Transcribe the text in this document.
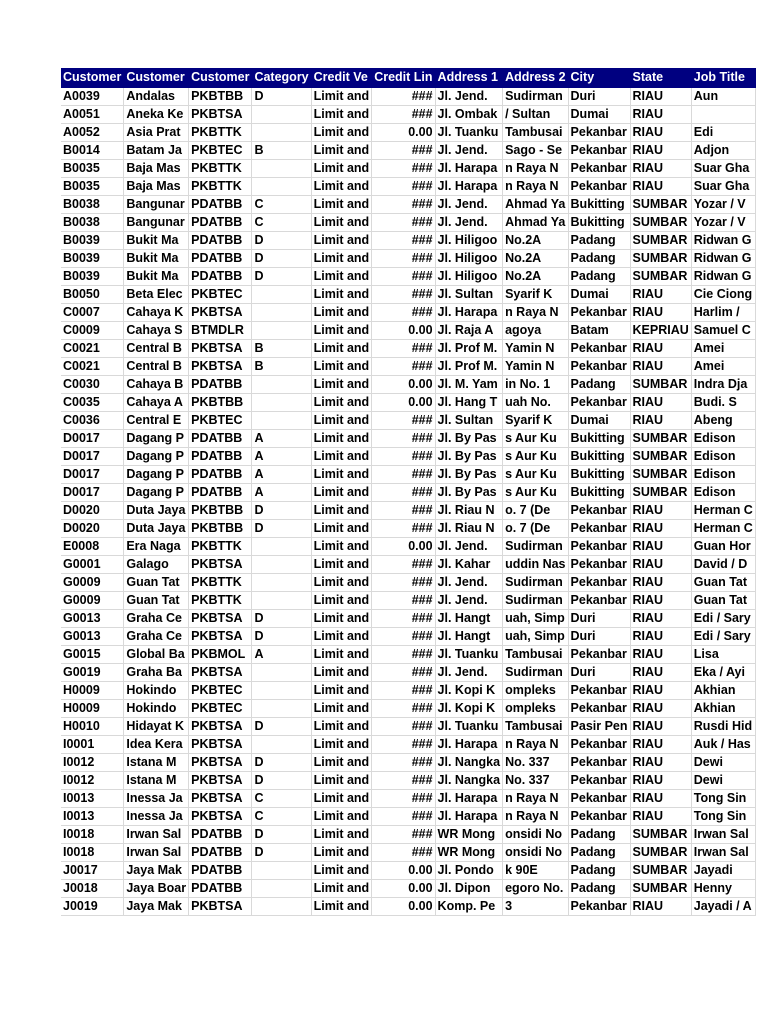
Customer	Customer	Customer	Category	Credit Ve	Credit Lin	Address 1	Address 2	City	State	Job Title
A0039	Andalas	PKBTBB	D	Limit and	###	Jl. Jend.	Sudirman	Duri	RIAU	Aun
A0051	Aneka Ke	PKBTSA		Limit and	###	Jl. Ombak	/ Sultan	Dumai	RIAU	
A0052	Asia Prat	PKBTTK		Limit and	0.00	Jl. Tuanku	Tambusai	Pekanbar	RIAU	Edi
B0014	Batam Ja	PKBTEC	B	Limit and	###	Jl. Jend.	Sago - Se	Pekanbar	RIAU	Adjon
B0035	Baja Mas	PKBTTK		Limit and	###	Jl. Harapa	n Raya N	Pekanbar	RIAU	Suar Gha
B0035	Baja Mas	PKBTTK		Limit and	###	Jl. Harapa	n Raya N	Pekanbar	RIAU	Suar Gha
B0038	Bangunar	PDATBB	C	Limit and	###	Jl. Jend.	Ahmad Ya	Bukitting	SUMBAR	Yozar / V
B0038	Bangunar	PDATBB	C	Limit and	###	Jl. Jend.	Ahmad Ya	Bukitting	SUMBAR	Yozar / V
B0039	Bukit Ma	PDATBB	D	Limit and	###	Jl. Hiligoo	No.2A	Padang	SUMBAR	Ridwan G
B0039	Bukit Ma	PDATBB	D	Limit and	###	Jl. Hiligoo	No.2A	Padang	SUMBAR	Ridwan G
B0039	Bukit Ma	PDATBB	D	Limit and	###	Jl. Hiligoo	No.2A	Padang	SUMBAR	Ridwan G
B0050	Beta Elec	PKBTEC		Limit and	###	Jl. Sultan	Syarif K	Dumai	RIAU	Cie Ciong
C0007	Cahaya K	PKBTSA		Limit and	###	Jl. Harapa	n Raya N	Pekanbar	RIAU	Harlim /
C0009	Cahaya S	BTMDLR		Limit and	0.00	Jl. Raja A	agoya	Batam	KEPRIAU	Samuel C
C0021	Central B	PKBTSA	B	Limit and	###	Jl. Prof M.	Yamin N	Pekanbar	RIAU	Amei
C0021	Central B	PKBTSA	B	Limit and	###	Jl. Prof M.	Yamin N	Pekanbar	RIAU	Amei
C0030	Cahaya B	PDATBB		Limit and	0.00	Jl. M. Yam	in No. 1	Padang	SUMBAR	Indra Dja
C0035	Cahaya A	PKBTBB		Limit and	0.00	Jl. Hang T	uah No.	Pekanbar	RIAU	Budi. S
C0036	Central E	PKBTEC		Limit and	###	Jl. Sultan	Syarif K	Dumai	RIAU	Abeng
D0017	Dagang P	PDATBB	A	Limit and	###	Jl. By Pas	s Aur Ku	Bukitting	SUMBAR	Edison
D0017	Dagang P	PDATBB	A	Limit and	###	Jl. By Pas	s Aur Ku	Bukitting	SUMBAR	Edison
D0017	Dagang P	PDATBB	A	Limit and	###	Jl. By Pas	s Aur Ku	Bukitting	SUMBAR	Edison
D0017	Dagang P	PDATBB	A	Limit and	###	Jl. By Pas	s Aur Ku	Bukitting	SUMBAR	Edison
D0020	Duta Jaya	PKBTBB	D	Limit and	###	Jl. Riau N	o. 7 (De	Pekanbar	RIAU	Herman C
D0020	Duta Jaya	PKBTBB	D	Limit and	###	Jl. Riau N	o. 7 (De	Pekanbar	RIAU	Herman C
E0008	Era Naga	PKBTTK		Limit and	0.00	Jl. Jend.	Sudirman	Pekanbar	RIAU	Guan Hor
G0001	Galago	PKBTSA		Limit and	###	Jl. Kahar	uddin Nas	Pekanbar	RIAU	David / D
G0009	Guan Tat	PKBTTK		Limit and	###	Jl. Jend.	Sudirman	Pekanbar	RIAU	Guan Tat
G0009	Guan Tat	PKBTTK		Limit and	###	Jl. Jend.	Sudirman	Pekanbar	RIAU	Guan Tat
G0013	Graha Ce	PKBTSA	D	Limit and	###	Jl. Hangt	uah, Simp	Duri	RIAU	Edi / Sary
G0013	Graha Ce	PKBTSA	D	Limit and	###	Jl. Hangt	uah, Simp	Duri	RIAU	Edi / Sary
G0015	Global Ba	PKBMOL	A	Limit and	###	Jl. Tuanku	Tambusai	Pekanbar	RIAU	Lisa
G0019	Graha Ba	PKBTSA		Limit and	###	Jl. Jend.	Sudirman	Duri	RIAU	Eka / Ayi
H0009	Hokindo	PKBTEC		Limit and	###	Jl. Kopi K	ompleks	Pekanbar	RIAU	Akhian
H0009	Hokindo	PKBTEC		Limit and	###	Jl. Kopi K	ompleks	Pekanbar	RIAU	Akhian
H0010	Hidayat K	PKBTSA	D	Limit and	###	Jl. Tuanku	Tambusai	Pasir Pen	RIAU	Rusdi Hid
I0001	Idea Kera	PKBTSA		Limit and	###	Jl. Harapa	n Raya N	Pekanbar	RIAU	Auk / Has
I0012	Istana M	PKBTSA	D	Limit and	###	Jl. Nangka	No. 337	Pekanbar	RIAU	Dewi
I0012	Istana M	PKBTSA	D	Limit and	###	Jl. Nangka	No. 337	Pekanbar	RIAU	Dewi
I0013	Inessa Ja	PKBTSA	C	Limit and	###	Jl. Harapa	n Raya N	Pekanbar	RIAU	Tong Sin
I0013	Inessa Ja	PKBTSA	C	Limit and	###	Jl. Harapa	n Raya N	Pekanbar	RIAU	Tong Sin
I0018	Irwan Sal	PDATBB	D	Limit and	###	WR Mong	onsidi No	Padang	SUMBAR	Irwan Sal
I0018	Irwan Sal	PDATBB	D	Limit and	###	WR Mong	onsidi No	Padang	SUMBAR	Irwan Sal
J0017	Jaya Mak	PDATBB		Limit and	0.00	Jl. Pondo	k 90E	Padang	SUMBAR	Jayadi
J0018	Jaya Boar	PDATBB		Limit and	0.00	Jl. Dipon	egoro No.	Padang	SUMBAR	Henny
J0019	Jaya Mak	PKBTSA		Limit and	0.00	Komp. Pe	3	Pekanbar	RIAU	Jayadi / A
